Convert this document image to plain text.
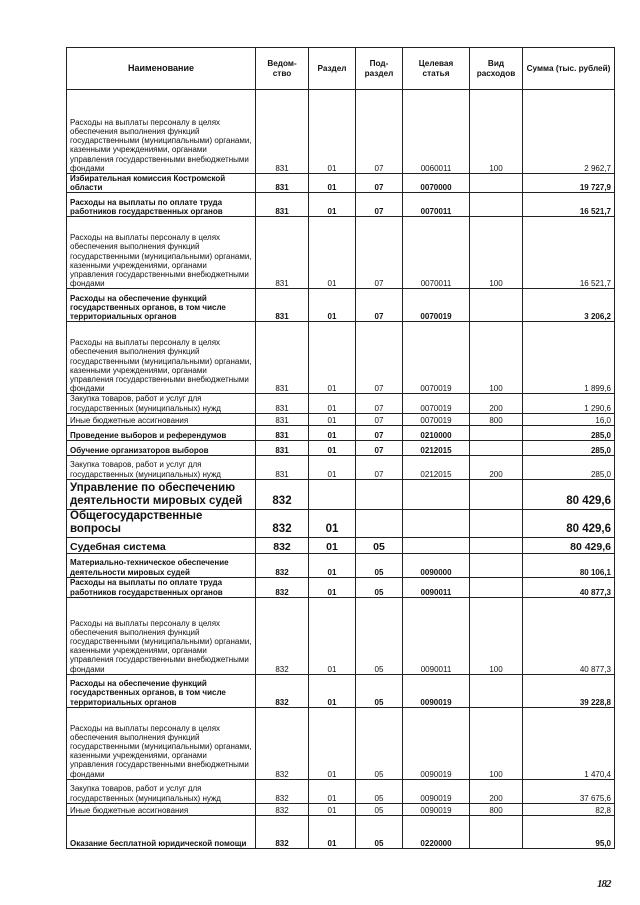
Наименование	Ведом-ство	Раздел	Под-раздел	Целевая статья	Вид расходов	Сумма (тыс. рублей)
Расходы на выплаты персоналу в целях обеспечения выполнения функций государственными (муниципальными) органами, казенными учреждениями, органами управления государственными внебюджетными фондами	831	01	07	0060011	100	2 962,7
Избирательная комиссия Костромской области	831	01	07	0070000		19 727,9
Расходы на выплаты по оплате труда работников государственных органов	831	01	07	0070011		16 521,7
Расходы на выплаты персоналу в целях обеспечения выполнения функций государственными (муниципальными) органами, казенными учреждениями, органами управления государственными внебюджетными фондами	831	01	07	0070011	100	16 521,7
Расходы на обеспечение функций государственных органов, в том числе территориальных органов	831	01	07	0070019		3 206,2
Расходы на выплаты персоналу в целях обеспечения выполнения функций государственными (муниципальными) органами, казенными учреждениями, органами управления государственными внебюджетными фондами	831	01	07	0070019	100	1 899,6
Закупка товаров, работ и услуг для государственных (муниципальных) нужд	831	01	07	0070019	200	1 290,6
Иные бюджетные ассигнования	831	01	07	0070019	800	16,0
Проведение выборов и референдумов	831	01	07	0210000		285,0
Обучение организаторов выборов	831	01	07	0212015		285,0
Закупка товаров, работ и услуг для государственных (муниципальных) нужд	831	01	07	0212015	200	285,0
Управление по обеспечению деятельности мировых судей	832					80 429,6
Общегосударственные вопросы	832	01				80 429,6
Судебная система	832	01	05			80 429,6
Материально-техническое обеспечение деятельности мировых судей	832	01	05	0090000		80 106,1
Расходы на выплаты по оплате труда работников государственных органов	832	01	05	0090011		40 877,3
Расходы на выплаты персоналу в целях обеспечения выполнения функций государственными (муниципальными) органами, казенными учреждениями, органами управления государственными внебюджетными фондами	832	01	05	0090011	100	40 877,3
Расходы на обеспечение функций государственных органов, в том числе территориальных органов	832	01	05	0090019		39 228,8
Расходы на выплаты персоналу в целях обеспечения выполнения функций государственными (муниципальными) органами, казенными учреждениями, органами управления государственными внебюджетными фондами	832	01	05	0090019	100	1 470,4
Закупка товаров, работ и услуг для государственных (муниципальных) нужд	832	01	05	0090019	200	37 675,6
Иные бюджетные ассигнования	832	01	05	0090019	800	82,8
Оказание бесплатной юридической помощи	832	01	05	0220000		95,0
182
